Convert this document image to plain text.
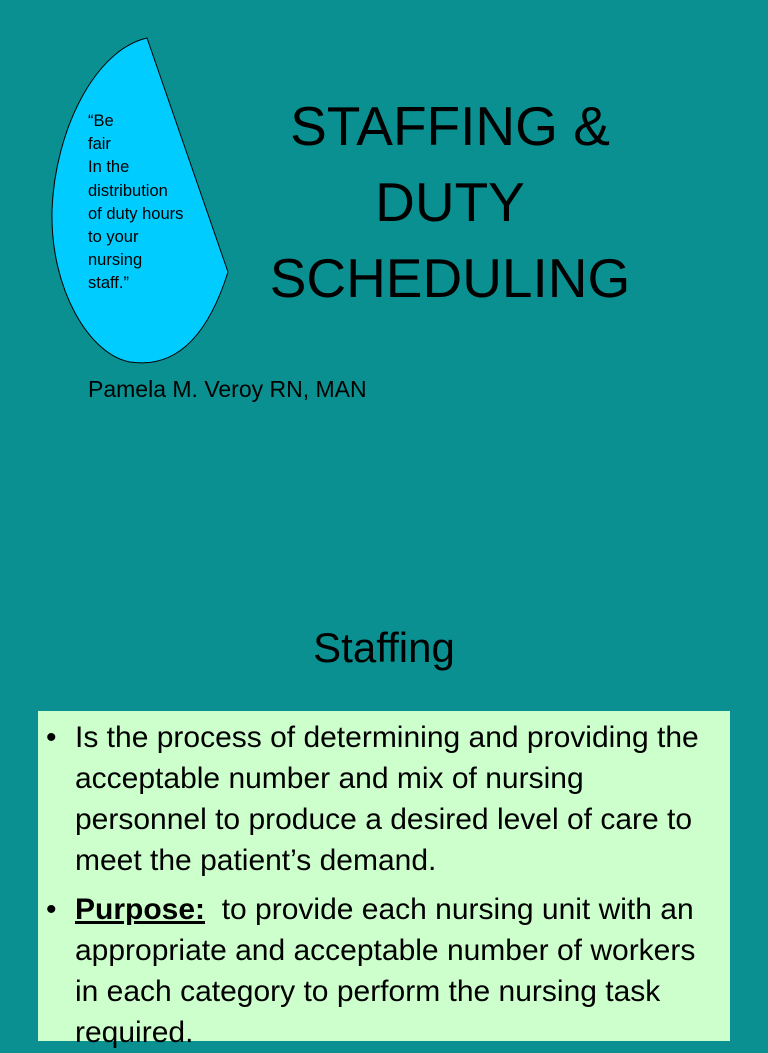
“Be
fair
In the
distribution
of duty hours
to your
nursing
staff.”
STAFFING &
DUTY
SCHEDULING
Pamela M. Veroy RN, MAN
Staffing
• Is the process of determining and providing the acceptable number and mix of nursing personnel to produce a desired level of care to meet the patient’s demand.
• Purpose:  to provide each nursing unit with an appropriate and acceptable number of workers in each category to perform the nursing task required.
